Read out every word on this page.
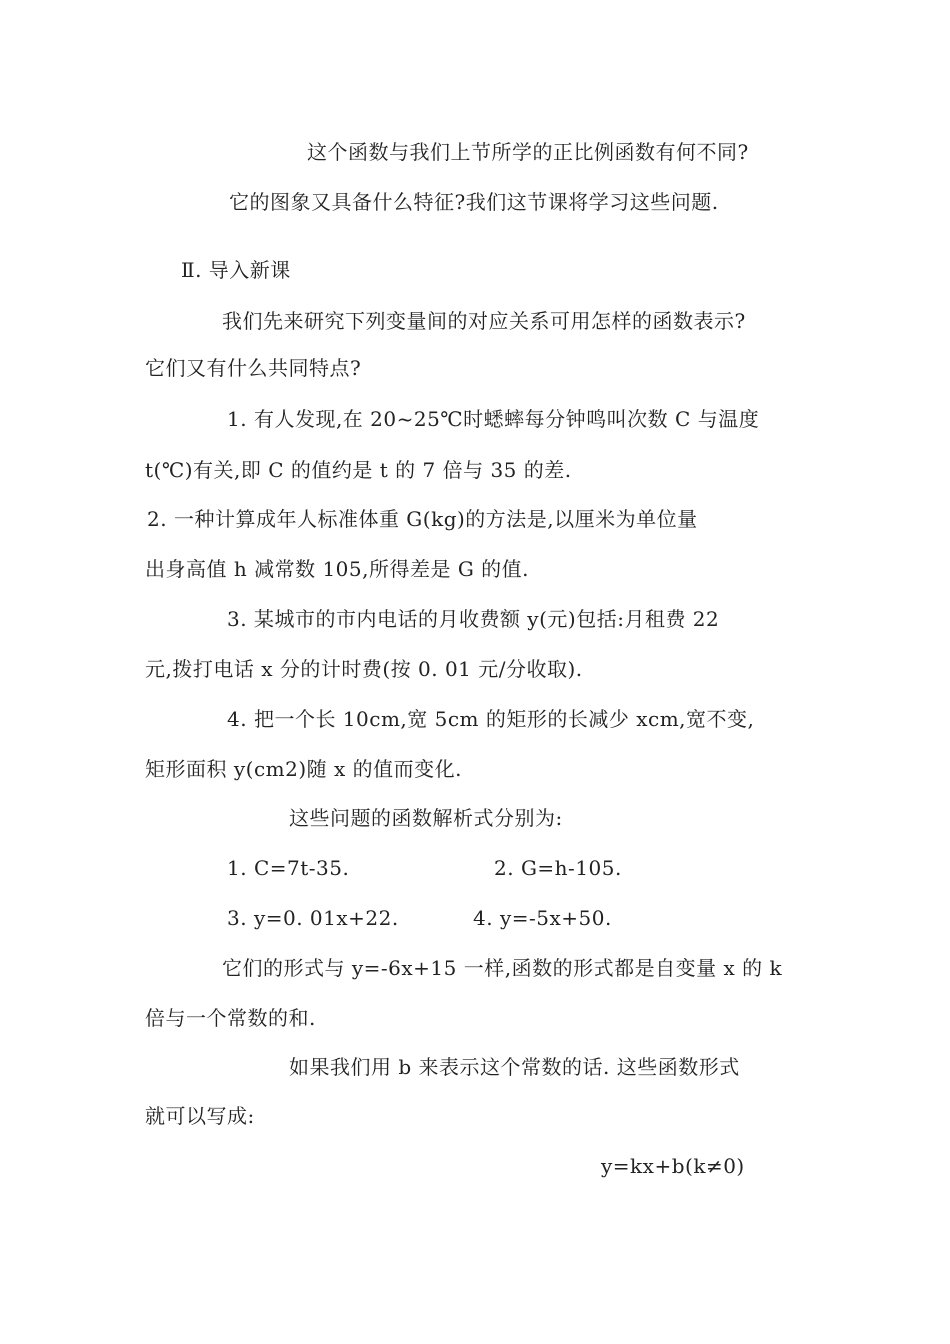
这个函数与我们上节所学的正比例函数有何不同?
它的图象又具备什么特征?我们这节课将学习这些问题.
Ⅱ. 导入新课
我们先来研究下列变量间的对应关系可用怎样的函数表示?
它们又有什么共同特点?
1. 有人发现,在 20~25℃时蟋蟀每分钟鸣叫次数 C 与温度
t(℃)有关,即 C 的值约是 t 的 7 倍与 35 的差.
2. 一种计算成年人标准体重 G(kg)的方法是,以厘米为单位量
出身高值 h 减常数 105,所得差是 G 的值.
3. 某城市的市内电话的月收费额 y(元)包括:月租费 22
元,拨打电话 x 分的计时费(按 0. 01 元/分收取).
4. 把一个长 10cm,宽 5cm 的矩形的长减少 xcm,宽不变,
矩形面积 y(cm2)随 x 的值而变化.
这些问题的函数解析式分别为:
1. C=7t-35.	2. G=h-105.
3. y=0. 01x+22.	4. y=-5x+50.
它们的形式与 y=-6x+15 一样,函数的形式都是自变量 x 的 k
倍与一个常数的和.
如果我们用 b 来表示这个常数的话. 这些函数形式
就可以写成:
y=kx+b(k≠0)
